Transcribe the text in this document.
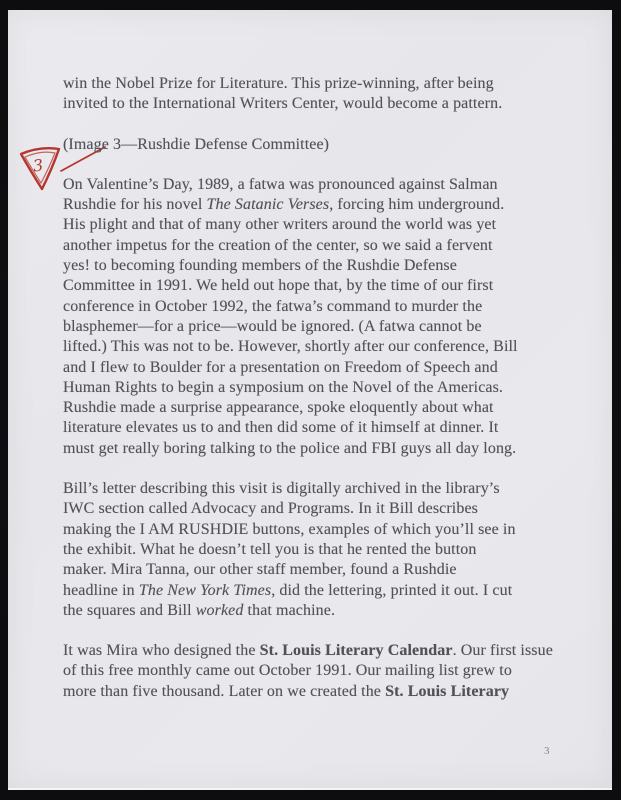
3

win the Nobel Prize for Literature. This prize-winning, after being
invited to the International Writers Center, would become a pattern.

(Image 3—Rushdie Defense Committee)

On Valentine’s Day, 1989, a fatwa was pronounced against Salman
Rushdie for his novel The Satanic Verses, forcing him underground.
His plight and that of many other writers around the world was yet
another impetus for the creation of the center, so we said a fervent
yes! to becoming founding members of the Rushdie Defense
Committee in 1991. We held out hope that, by the time of our first
conference in October 1992, the fatwa’s command to murder the
blasphemer—for a price—would be ignored. (A fatwa cannot be
lifted.) This was not to be. However, shortly after our conference, Bill
and I flew to Boulder for a presentation on Freedom of Speech and
Human Rights to begin a symposium on the Novel of the Americas.
Rushdie made a surprise appearance, spoke eloquently about what
literature elevates us to and then did some of it himself at dinner. It
must get really boring talking to the police and FBI guys all day long.

Bill’s letter describing this visit is digitally archived in the library’s
IWC section called Advocacy and Programs. In it Bill describes
making the I AM RUSHDIE buttons, examples of which you’ll see in
the exhibit. What he doesn’t tell you is that he rented the button
maker. Mira Tanna, our other staff member, found a Rushdie
headline in The New York Times, did the lettering, printed it out. I cut
the squares and Bill worked that machine.

It was Mira who designed the St. Louis Literary Calendar. Our first issue
of this free monthly came out October 1991. Our mailing list grew to
more than five thousand. Later on we created the St. Louis Literary

3
